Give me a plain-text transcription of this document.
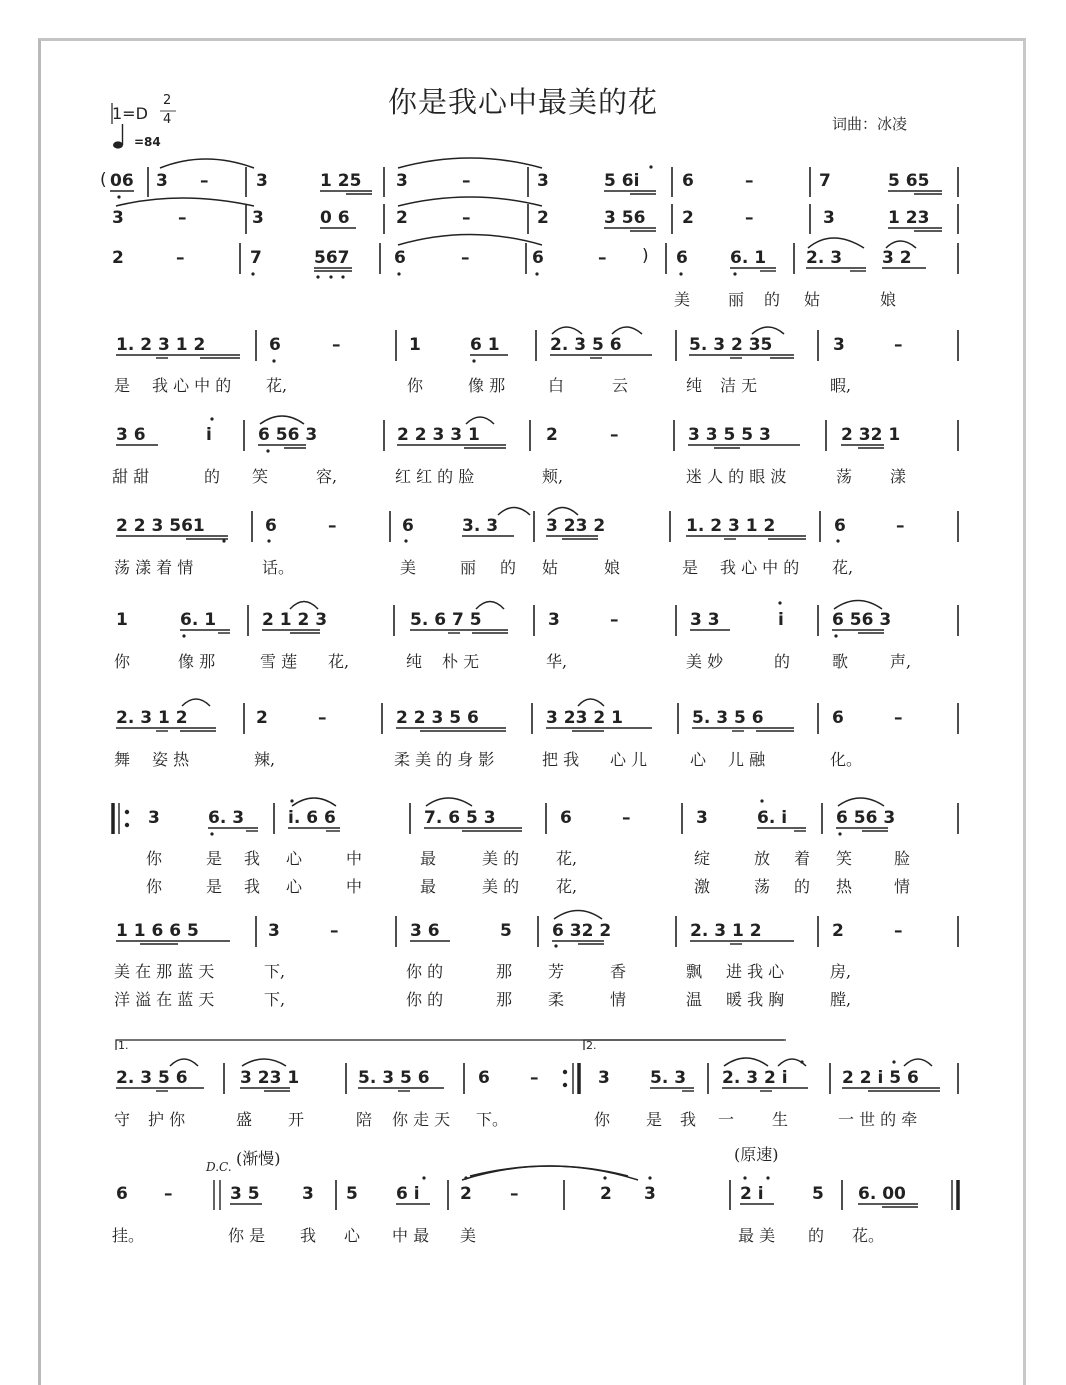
1=D
2
4
=84
你是我心中最美的花
词曲：冰凌
( 06 3 –	3	1 25 3	–	3	5 6i	6	–	7	5 65
3	–	3	0 6	2	–	2	3 56 2	–	3	1 23
2	–	7	567	6	–	6	– ) 6 6. 1 2. 3 3 2
美 丽 的 姑	娘
1. 2 3 1 2	6	–	1	6 1	2. 3 5 6	5. 3 2 35	3	–
是 我 心 中 的 花,	你	像 那	白	云	纯 洁 无	暇,
3 6	i	6 56 3	2 2 3 3 1	2	–	3 3 5 5 3	2 32 1
甜 甜	的 笑	容,	红 红 的 脸	颊,	迷 人 的 眼 波	荡 漾
2 2 3 561	6	–	6	3. 3	3 23 2	1. 2 3 1 2	6	–
荡 漾 着 情	话。	美	丽 的 姑	娘	是 我 心 中 的 花,
1	6. 1	2 1 2 3	5. 6 7 5	3	–	3 3	i	6 56 3
你	像 那	雪 莲 花,	纯 朴 无	华,	美 妙	的	歌	声,
2. 3 1 2	2	–	2 2 3 5 6	3 23 2 1	5. 3 5 6	6	–
舞 姿 热	辣,	柔 美 的 身 影	把 我 心 儿	心 儿 融	化。
3	6. 3	i. 6 6	7. 6 5 3	6	–	3	6. i	6 56 3
你	是 我 心	中	最	美 的 花,	绽	放 着 笑	脸
你	是 我 心	中	最	美 的 花,	激	荡 的 热	情
1 1 6 6 5	3	–	3 6	5 6 32 2	2. 3 1 2	2	–
美 在 那 蓝 天	下,	你 的	那 芳	香	飘 进 我 心	房,
洋 溢 在 蓝 天	下,	你 的	那 柔	情	温 暖 我 胸	膛,
1.	2.
2. 3 5 6	3 23 1	5. 3 5 6	6 –	3 5. 3 2. 3 2 i	2 2 i 5 6
守 护 你	盛 开	陪 你 走 天 下。	你 是 我 一 生	一 世 的 牵
D.C. (渐慢)	(原速)
6 –	3 5 3 5 6 i 2 –	2 3	2 i	5 6. 00
挂。	你 是 我 心 中 最 美	最 美 的 花。
